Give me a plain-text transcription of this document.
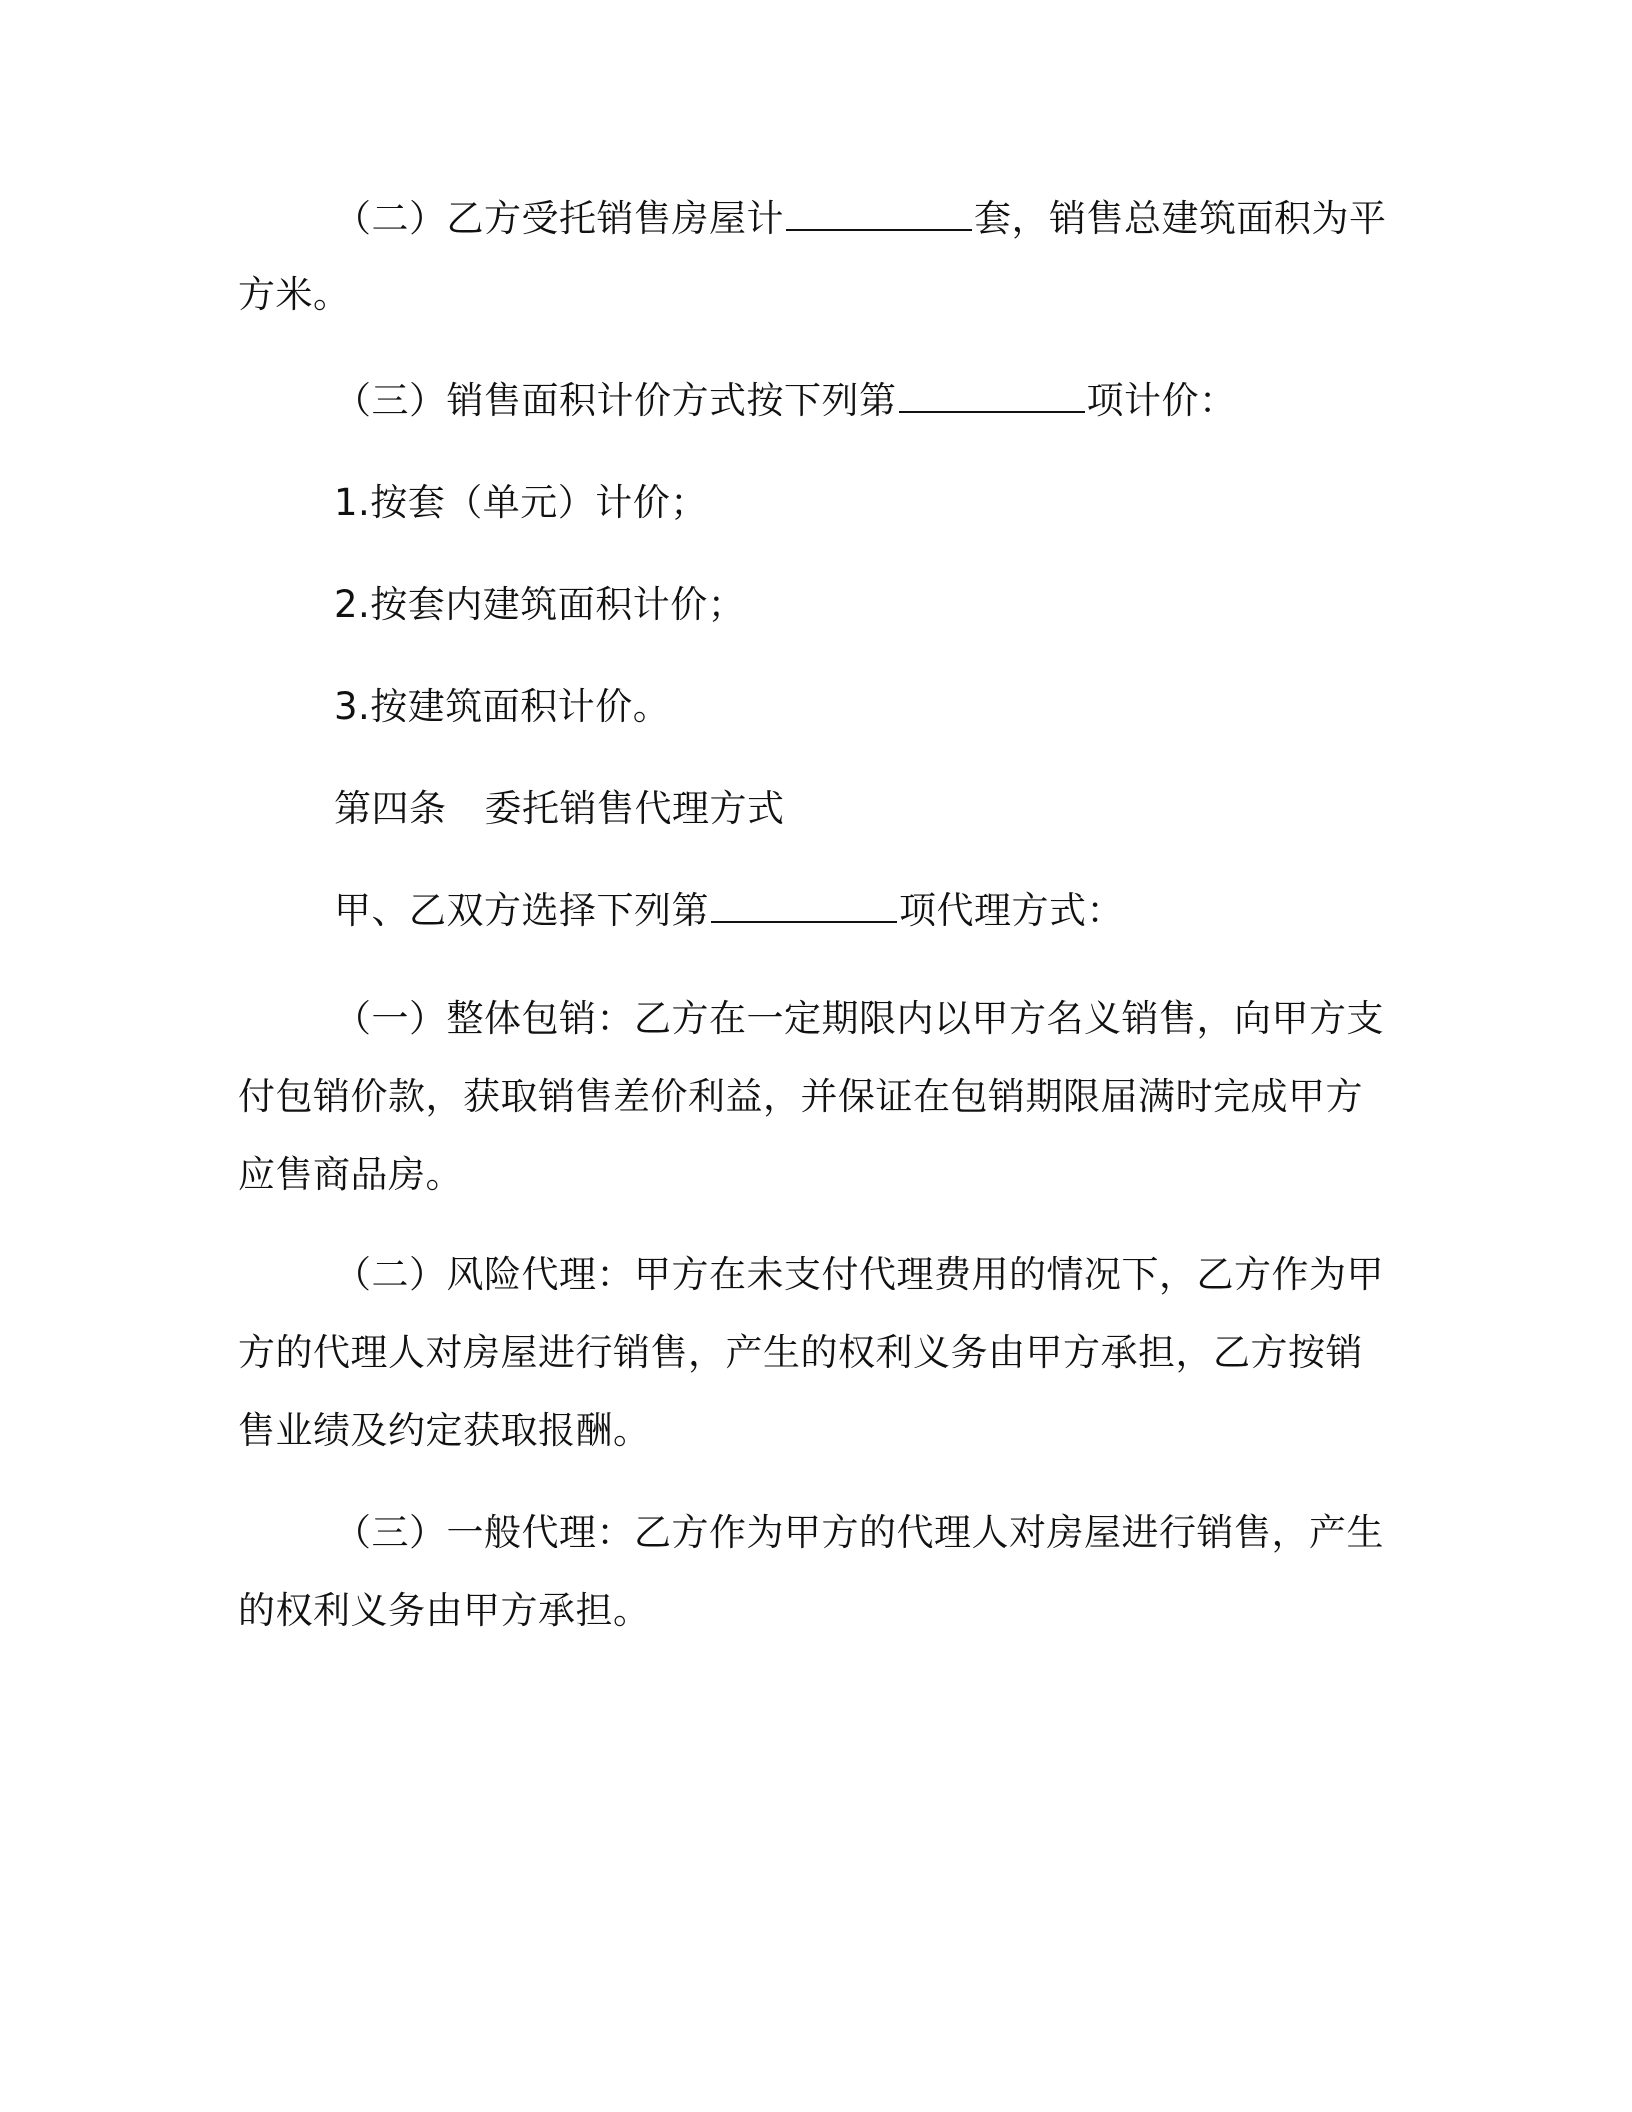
（二）乙方受托销售房屋计	套，销售总建筑面积为平
方米。
（三）销售面积计价方式按下列第	项计价：
1.按套（单元）计价；
2.按套内建筑面积计价；
3.按建筑面积计价。
第四条 委托销售代理方式
甲、乙双方选择下列第	项代理方式：
（一）整体包销：乙方在一定期限内以甲方名义销售，向甲方支
付包销价款，获取销售差价利益，并保证在包销期限届满时完成甲方
应售商品房。
（二）风险代理：甲方在未支付代理费用的情况下，乙方作为甲
方的代理人对房屋进行销售，产生的权利义务由甲方承担，乙方按销
售业绩及约定获取报酬。
（三）一般代理：乙方作为甲方的代理人对房屋进行销售，产生
的权利义务由甲方承担。
